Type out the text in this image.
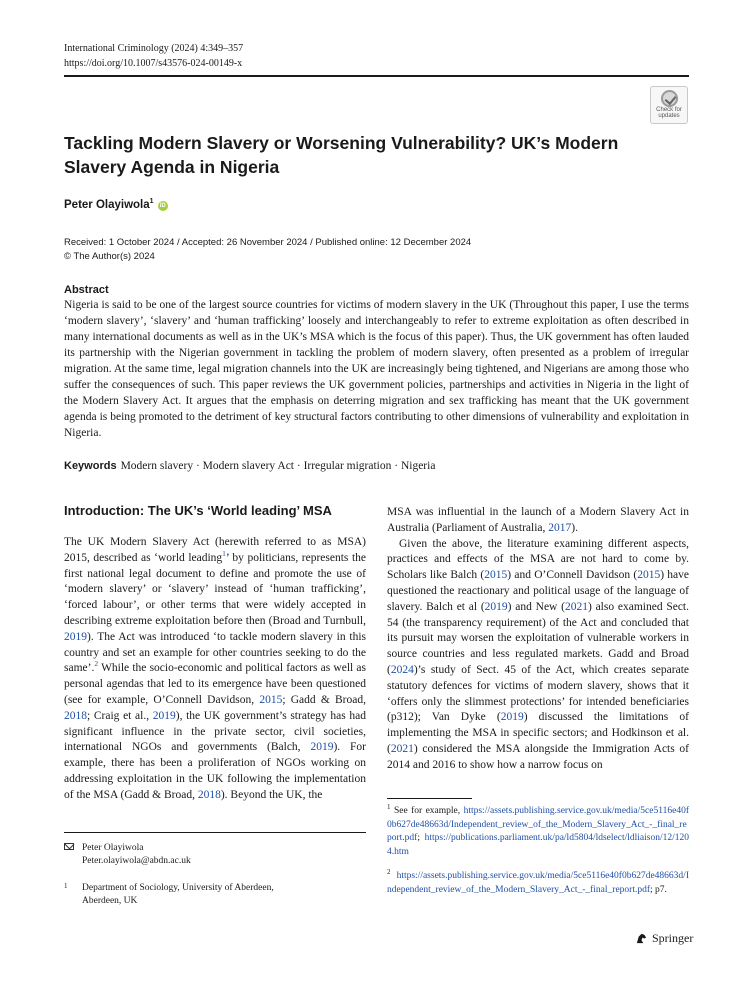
International Criminology (2024) 4:349–357
https://doi.org/10.1007/s43576-024-00149-x
Check for
updates
Tackling Modern Slavery or Worsening Vulnerability? UK’s Modern Slavery Agenda in Nigeria
Peter Olayiwola$^1$ iD
Received: 1 October 2024 / Accepted: 26 November 2024 / Published online: 12 December 2024
© The Author(s) 2024
Abstract

Nigeria is said to be one of the largest source countries for victims of modern slavery in the UK (Throughout this paper, I use the terms ‘modern slavery’, ‘slavery’ and ‘human trafficking’ loosely and interchangeably to refer to extreme exploitation as often described in many international documents as well as in the UK’s MSA which is the focus of this paper). Thus, the UK government has often lauded its partnership with the Nigerian government in tackling the problem of modern slavery, often presented as a problem of irregular migration. At the same time, legal migration channels into the UK are increasingly being tightened, and Nigerians are among those who suffer the consequences of such. This paper reviews the UK government policies, partnerships and activities in Nigeria in the light of the Modern Slavery Act. It argues that the emphasis on deterring migration and sex trafficking has meant that the UK government agenda is being promoted to the detriment of key structural factors contributing to other dimensions of vulnerability and exploitation in Nigeria.

Keywords Modern slavery · Modern slavery Act · Irregular migration · Nigeria
Introduction: The UK’s ‘World leading’ MSA

The UK Modern Slavery Act (herewith referred to as MSA) 2015, described as ‘world leading$^1$’ by politicians, represents the first national legal document to define and promote the use of ‘modern slavery’ or ‘slavery’ instead of ‘human trafficking’, ‘forced labour’, or other terms that were widely accepted in describing extreme exploitation before then (Broad and Turnbull, 2019). The Act was introduced ‘to tackle modern slavery in this country and set an example for other countries seeking to do the same’.$^2$ While the socio-economic and political factors as well as personal agendas that led to its emergence have been questioned (see for example, O’Connell Davidson, 2015; Gadd & Broad, 2018; Craig et al., 2019), the UK government’s strategy has had significant influence in the private sector, civil societies, international NGOs and governments (Balch, 2019). For example, there has been a proliferation of NGOs working on addressing exploitation in the UK following the implementation of the MSA (Gadd & Broad, 2018). Beyond the UK, the

Peter Olayiwola
Peter.olayiwola@abdn.ac.uk
1 Department of Sociology, University of Aberdeen,
Aberdeen, UK

MSA was influential in the launch of a Modern Slavery Act in Australia (Parliament of Australia, 2017).
Given the above, the literature examining different aspects, practices and effects of the MSA are not hard to come by. Scholars like Balch (2015) and O’Connell Davidson (2015) have questioned the reactionary and political usage of the language of slavery. Balch et al (2019) and New (2021) also examined Sect. 54 (the transparency requirement) of the Act and concluded that its pursuit may worsen the exploitation of vulnerable workers in source countries and less regulated markets. Gadd and Broad (2024)’s study of Sect. 45 of the Act, which creates separate statutory defences for victims of modern slavery, shows that it ‘offers only the slimmest protections’ for intended beneficiaries (p312); Van Dyke (2019) discussed the limitations of implementing the MSA in specific sectors; and Hodkinson et al. (2021) considered the MSA alongside the Immigration Acts of 2014 and 2016 to show how a narrow focus on

$^1$ See for example, https://assets.publishing.service.gov.uk/media/5ce5116e40f0b627de48663d/Independent_review_of_the_Modern_Slavery_Act_-_final_report.pdf; https://publications.parliament.uk/pa/ld5804/ldselect/ldliaison/12/1204.htm
$^2$ https://assets.publishing.service.gov.uk/media/5ce5116e40f0b627de48663d/Independent_review_of_the_Modern_Slavery_Act_-_final_report.pdf; p7.
Springer
